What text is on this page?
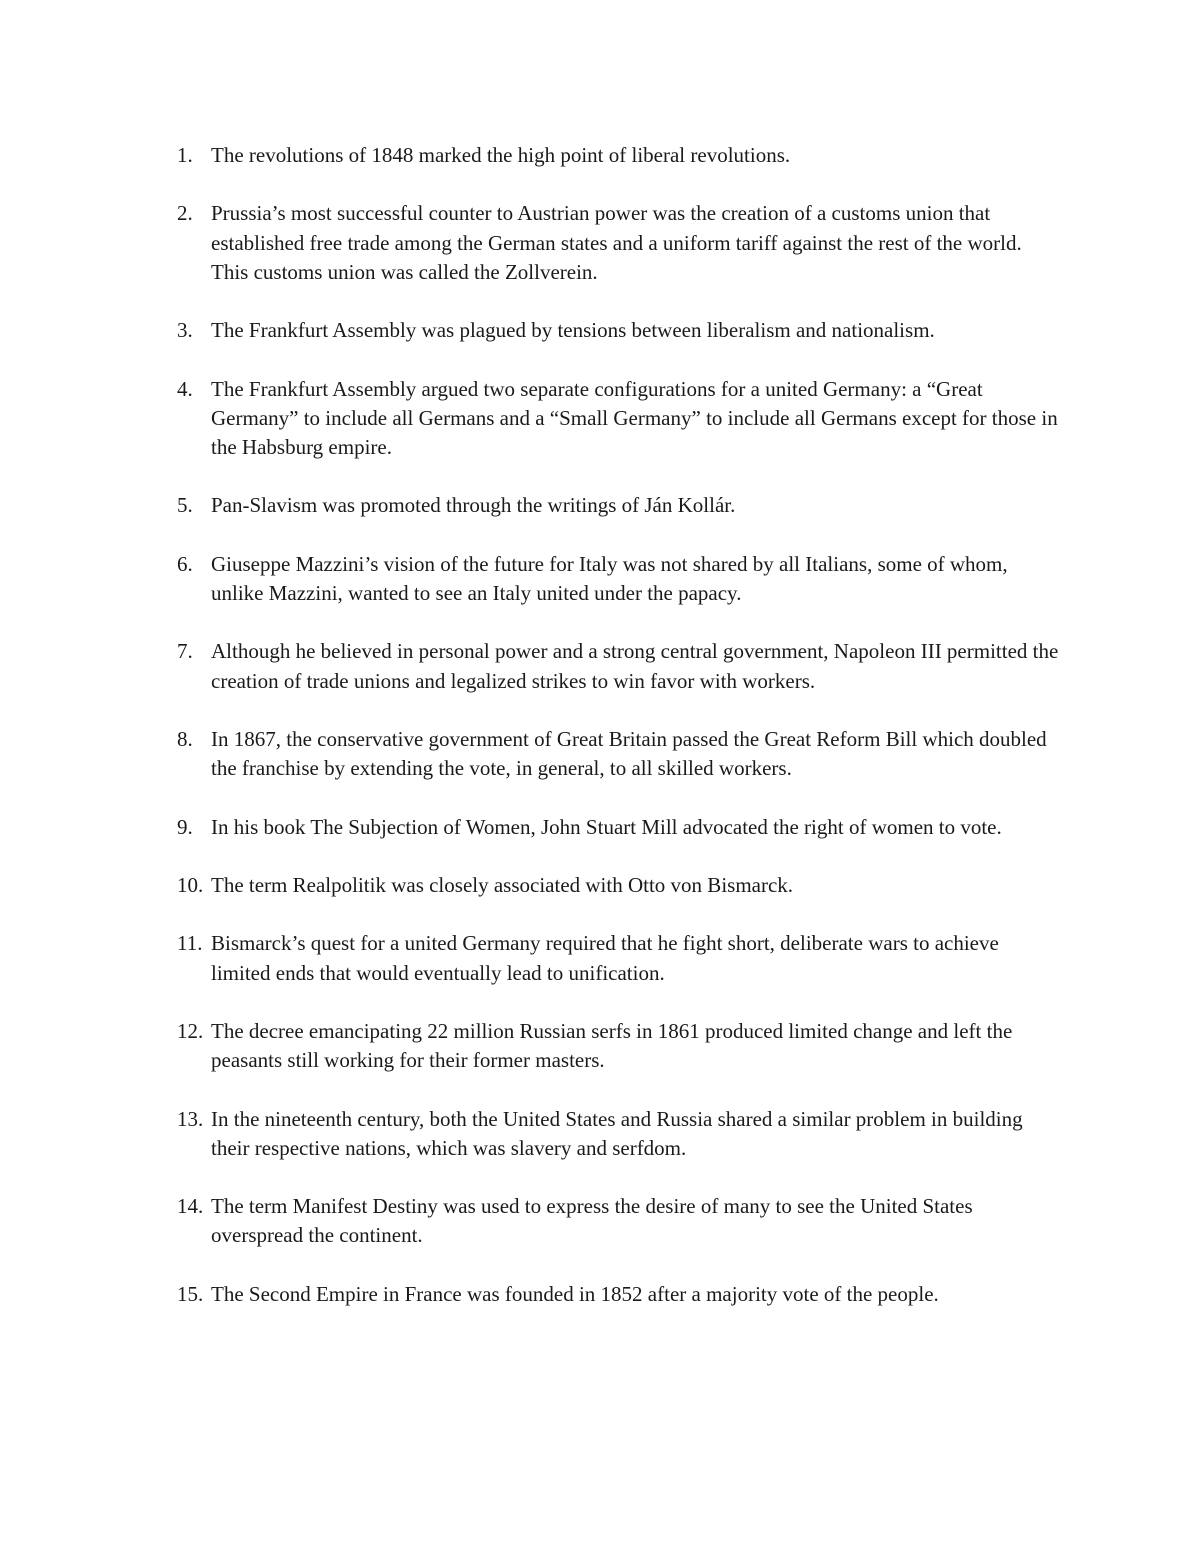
1. The revolutions of 1848 marked the high point of liberal revolutions.
2. Prussia’s most successful counter to Austrian power was the creation of a customs union that established free trade among the German states and a uniform tariff against the rest of the world. This customs union was called the Zollverein.
3. The Frankfurt Assembly was plagued by tensions between liberalism and nationalism.
4. The Frankfurt Assembly argued two separate configurations for a united Germany: a “Great Germany” to include all Germans and a “Small Germany” to include all Germans except for those in the Habsburg empire.
5. Pan-Slavism was promoted through the writings of Ján Kollár.
6. Giuseppe Mazzini’s vision of the future for Italy was not shared by all Italians, some of whom, unlike Mazzini, wanted to see an Italy united under the papacy.
7. Although he believed in personal power and a strong central government, Napoleon III permitted the creation of trade unions and legalized strikes to win favor with workers.
8. In 1867, the conservative government of Great Britain passed the Great Reform Bill which doubled the franchise by extending the vote, in general, to all skilled workers.
9. In his book The Subjection of Women, John Stuart Mill advocated the right of women to vote.
10. The term Realpolitik was closely associated with Otto von Bismarck.
11. Bismarck’s quest for a united Germany required that he fight short, deliberate wars to achieve limited ends that would eventually lead to unification.
12. The decree emancipating 22 million Russian serfs in 1861 produced limited change and left the peasants still working for their former masters.
13. In the nineteenth century, both the United States and Russia shared a similar problem in building their respective nations, which was slavery and serfdom.
14. The term Manifest Destiny was used to express the desire of many to see the United States overspread the continent.
15. The Second Empire in France was founded in 1852 after a majority vote of the people.
